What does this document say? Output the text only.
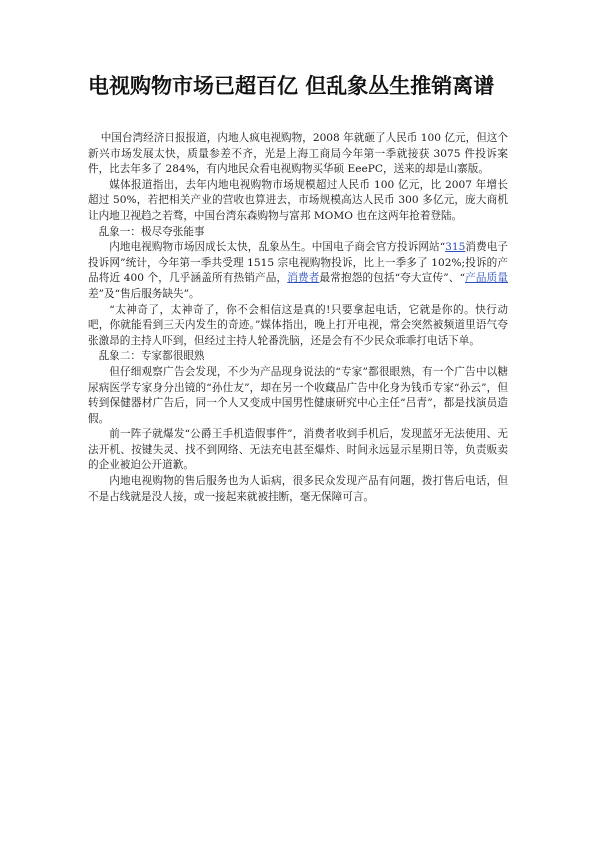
电视购物市场已超百亿 但乱象丛生推销离谱

中国台湾经济日报报道，内地人疯电视购物，2008 年就砸了人民币 100 亿元，但这个新兴市场发展太快，质量参差不齐，光是上海工商局今年第一季就接获 3075 件投诉案件，比去年多了 284%，有内地民众看电视购物买华硕 EeePC，送来的却是山寨版。

媒体报道指出，去年内地电视购物市场规模超过人民币 100 亿元，比 2007 年增长超过 50%，若把相关产业的营收也算进去，市场规模高达人民币 300 多亿元，庞大商机让内地卫视趋之若骛，中国台湾东森购物与富邦 MOMO 也在这两年抢着登陆。

乱象一：极尽夸张能事

内地电视购物市场因成长太快，乱象丛生。中国电子商会官方投诉网站“315消费电子投诉网”统计，今年第一季共受理 1515 宗电视购物投诉，比上一季多了 102%;投诉的产品将近 400 个，几乎涵盖所有热销产品，消费者最常抱怨的包括“夸大宣传”、“产品质量差”及“售后服务缺失”。

“太神奇了，太神奇了，你不会相信这是真的!只要拿起电话，它就是你的。快行动吧，你就能看到三天内发生的奇迹。”媒体指出，晚上打开电视，常会突然被频道里语气夸张激昂的主持人吓到，但经过主持人轮番洗脑，还是会有不少民众乖乖打电话下单。

乱象二：专家都很眼熟

但仔细观察广告会发现，不少为产品现身说法的“专家”都很眼熟，有一个广告中以糖尿病医学专家身分出镜的“孙仕友”，却在另一个收藏品广告中化身为钱币专家“孙云”，但转到保健器材广告后，同一个人又变成中国男性健康研究中心主任“吕青”，都是找演员造假。

前一阵子就爆发“公爵王手机造假事件”，消费者收到手机后，发现蓝牙无法使用、无法开机、按键失灵、找不到网络、无法充电甚至爆炸、时间永远显示星期日等，负责贩卖的企业被迫公开道歉。

内地电视购物的售后服务也为人诟病，很多民众发现产品有问题，拨打售后电话，但不是占线就是没人接，或一接起来就被挂断，毫无保障可言。
